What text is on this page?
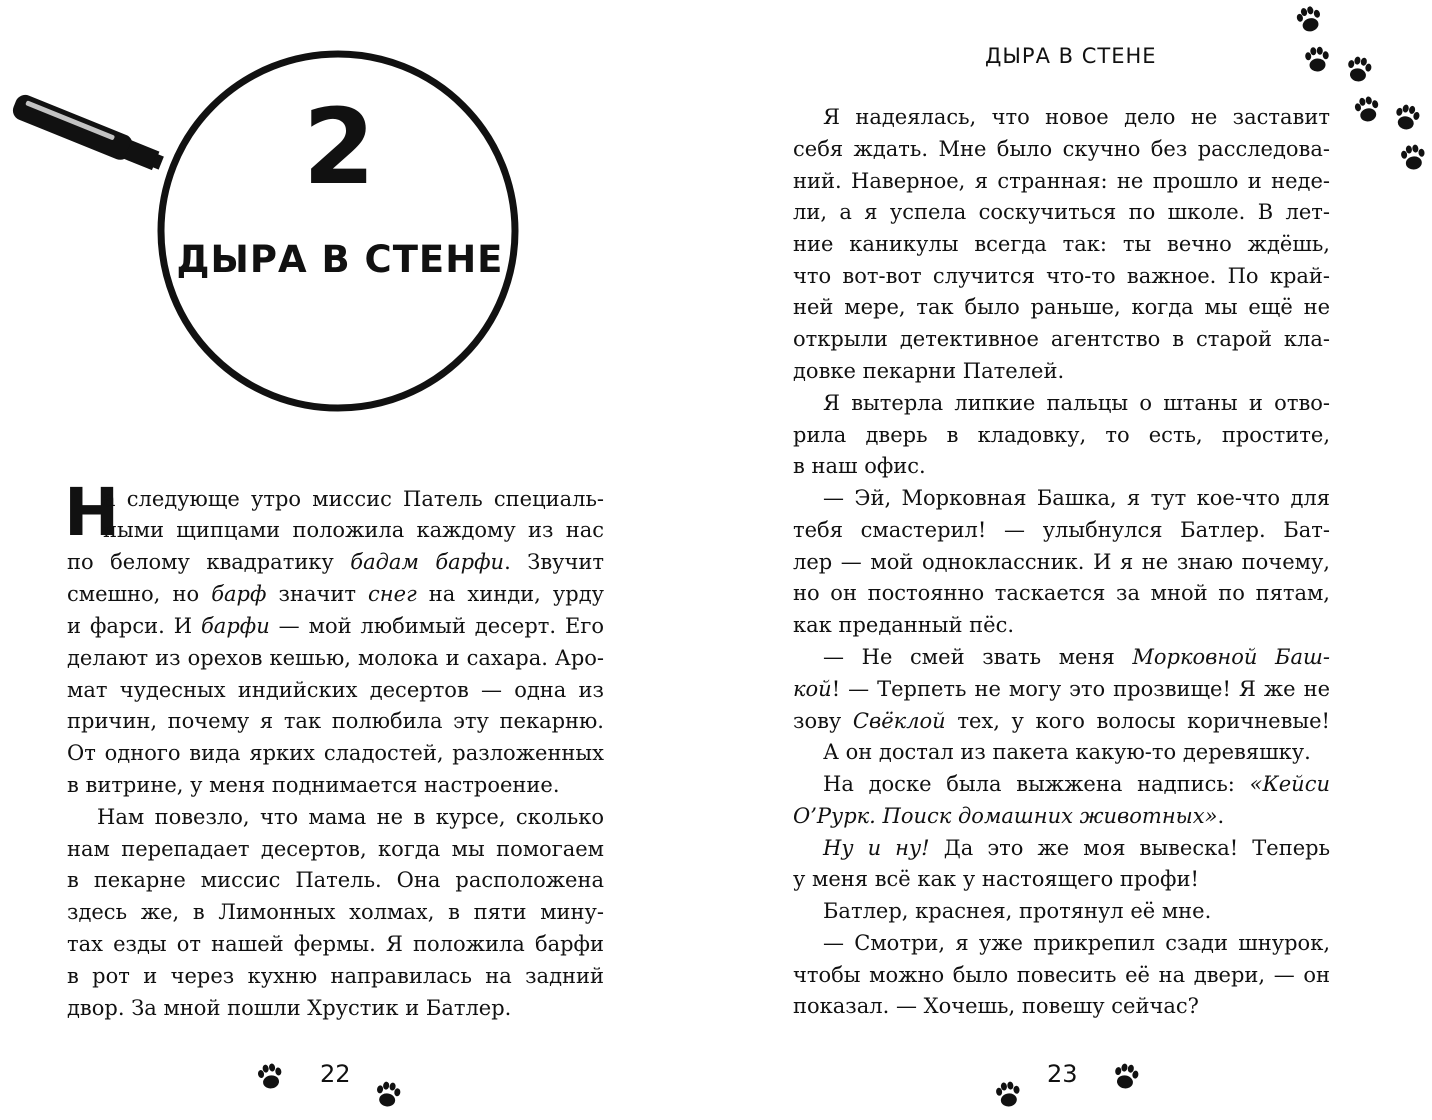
2
ДЫРА В СТЕНЕ
Н
а следующе утро миссис Патель специаль-
ными щипцами положила каждому из нас
по белому квадратику бадам барфи. Звучит
смешно, но барф значит снег на хинди, урду
и фарси. И барфи — мой любимый десерт. Его
делают из орехов кешью, молока и сахара. Аро-
мат чудесных индийских десертов — одна из
причин, почему я так полюбила эту пекарню.
От одного вида ярких сладостей, разложенных
в витрине, у меня поднимается настроение.
Нам повезло, что мама не в курсе, сколько
нам перепадает десертов, когда мы помогаем
в пекарне миссис Патель. Она расположена
здесь же, в Лимонных холмах, в пяти мину-
тах езды от нашей фермы. Я положила барфи
в рот и через кухню направилась на задний
двор. За мной пошли Хрустик и Батлер.
22
ДЫРА В СТЕНЕ
Я надеялась, что новое дело не заставит
себя ждать. Мне было скучно без расследова-
ний. Наверное, я странная: не прошло и неде-
ли, а я успела соскучиться по школе. В лет-
ние каникулы всегда так: ты вечно ждёшь,
что вот-вот случится что-то важное. По край-
ней мере, так было раньше, когда мы ещё не
открыли детективное агентство в старой кла-
довке пекарни Пателей.
Я вытерла липкие пальцы о штаны и отво-
рила дверь в кладовку, то есть, простите,
в наш офис.
— Эй, Морковная Башка, я тут кое-что для
тебя смастерил! — улыбнулся Батлер. Бат-
лер — мой одноклассник. И я не знаю почему,
но он постоянно таскается за мной по пятам,
как преданный пёс.
— Не смей звать меня Морковной Баш-
кой! — Терпеть не могу это прозвище! Я же не
зову Свёклой тех, у кого волосы коричневые!
А он достал из пакета какую-то деревяшку.
На доске была выжжена надпись: «Кейси
О’Рурк. Поиск домашних животных».
Ну и ну! Да это же моя вывеска! Теперь
у меня всё как у настоящего профи!
Батлер, краснея, протянул её мне.
— Смотри, я уже прикрепил сзади шнурок,
чтобы можно было повесить её на двери, — он
показал. — Хочешь, повешу сейчас?
23
